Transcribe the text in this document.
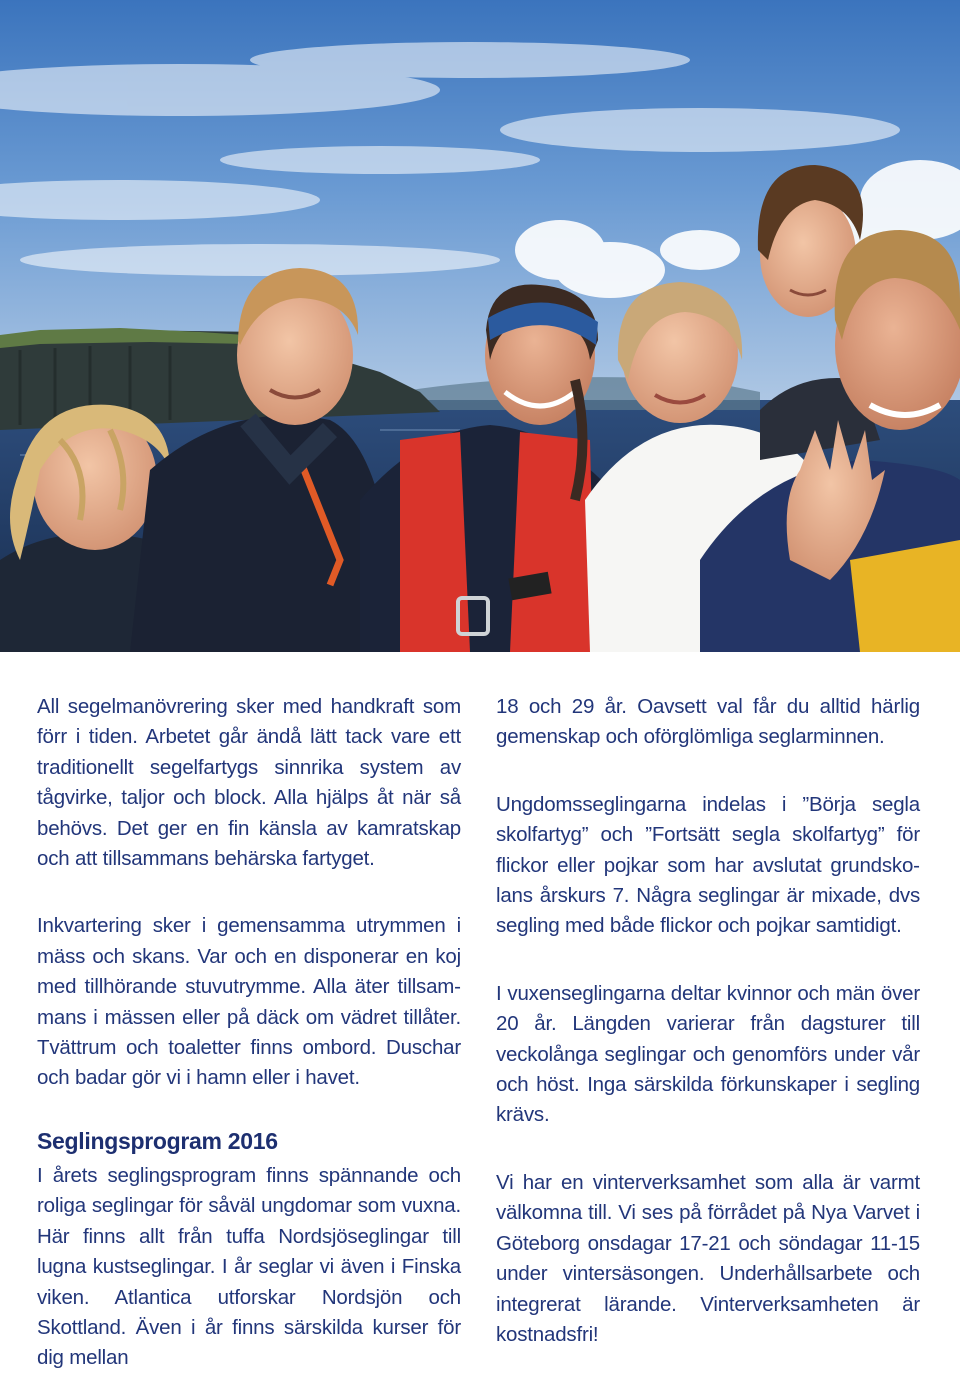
All segelmanövrering sker med handkraft som förr i tiden. Arbetet går ändå lätt tack vare ett traditionellt segelfartygs sinnrika system av tågvirke, taljor och block. Alla hjälps åt när så behövs. Det ger en fin känsla av kamratskap och att tillsammans behärska fartyget.

Inkvartering sker i gemensamma utrymmen i mäss och skans. Var och en disponerar en koj med tillhörande stuvutrymme. Alla äter tillsammans i mässen eller på däck om vädret tillåter. Tvättrum och toaletter finns ombord. Duschar och badar gör vi i hamn eller i havet.

Seglingsprogram 2016

I årets seglingsprogram finns spännande och roliga seglingar för såväl ungdomar som vuxna. Här finns allt från tuffa Nordsjöseglingar till lugna kustseglingar. I år seglar vi även i Finska viken. Atlantica utforskar Nordsjön och Skottland. Även i år finns särskilda kurser för dig mellan

18 och 29 år. Oavsett val får du alltid härlig gemenskap och oförglömliga seglarminnen.

Ungdomsseglingarna indelas i ”Börja segla skolfartyg” och ”Fortsätt segla skolfartyg” för flickor eller pojkar som har avslutat grundskolans årskurs 7. Några seglingar är mixade, dvs segling med både flickor och pojkar samtidigt.

I vuxenseglingarna deltar kvinnor och män över 20 år. Längden varierar från dagsturer till veckolånga seglingar och genomförs under vår och höst. Inga särskilda förkunskaper i segling krävs.

Vi har en vinterverksamhet som alla är varmt välkomna till. Vi ses på förrådet på Nya Varvet i Göteborg onsdagar 17-21 och söndagar 11-15 under vintersäsongen. Underhållsarbete och integrerat lärande. Vinterverksamheten är kostnadsfri!
